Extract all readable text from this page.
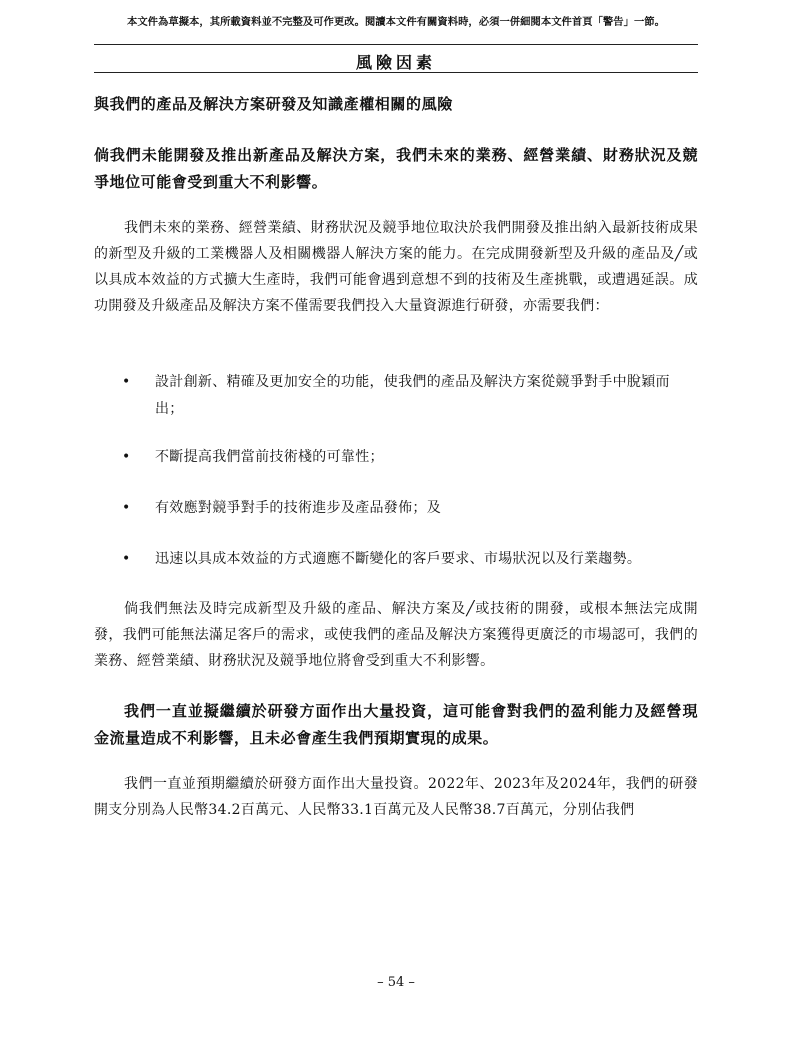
本文件為草擬本，其所載資料並不完整及可作更改。閱讀本文件有關資料時，必須一併細閱本文件首頁「警告」一節。
風險因素
與我們的產品及解決方案研發及知識產權相關的風險
倘我們未能開發及推出新產品及解決方案，我們未來的業務、經營業績、財務狀況及競爭地位可能會受到重大不利影響。
我們未來的業務、經營業績、財務狀況及競爭地位取決於我們開發及推出納入最新技術成果的新型及升級的工業機器人及相關機器人解決方案的能力。在完成開發新型及升級的產品及╱或以具成本效益的方式擴大生產時，我們可能會遇到意想不到的技術及生產挑戰，或遭遇延誤。成功開發及升級產品及解決方案不僅需要我們投入大量資源進行研發，亦需要我們：
• 設計創新、精確及更加安全的功能，使我們的產品及解決方案從競爭對手中脫穎而出；
• 不斷提高我們當前技術棧的可靠性；
• 有效應對競爭對手的技術進步及產品發佈；及
• 迅速以具成本效益的方式適應不斷變化的客戶要求、市場狀況以及行業趨勢。
倘我們無法及時完成新型及升級的產品、解決方案及╱或技術的開發，或根本無法完成開發，我們可能無法滿足客戶的需求，或使我們的產品及解決方案獲得更廣泛的市場認可，我們的業務、經營業績、財務狀況及競爭地位將會受到重大不利影響。
我們一直並擬繼續於研發方面作出大量投資，這可能會對我們的盈利能力及經營現金流量造成不利影響，且未必會產生我們預期實現的成果。
我們一直並預期繼續於研發方面作出大量投資。2022年、2023年及2024年，我們的研發開支分別為人民幣34.2百萬元、人民幣33.1百萬元及人民幣38.7百萬元，分別佔我們
– 54 –
